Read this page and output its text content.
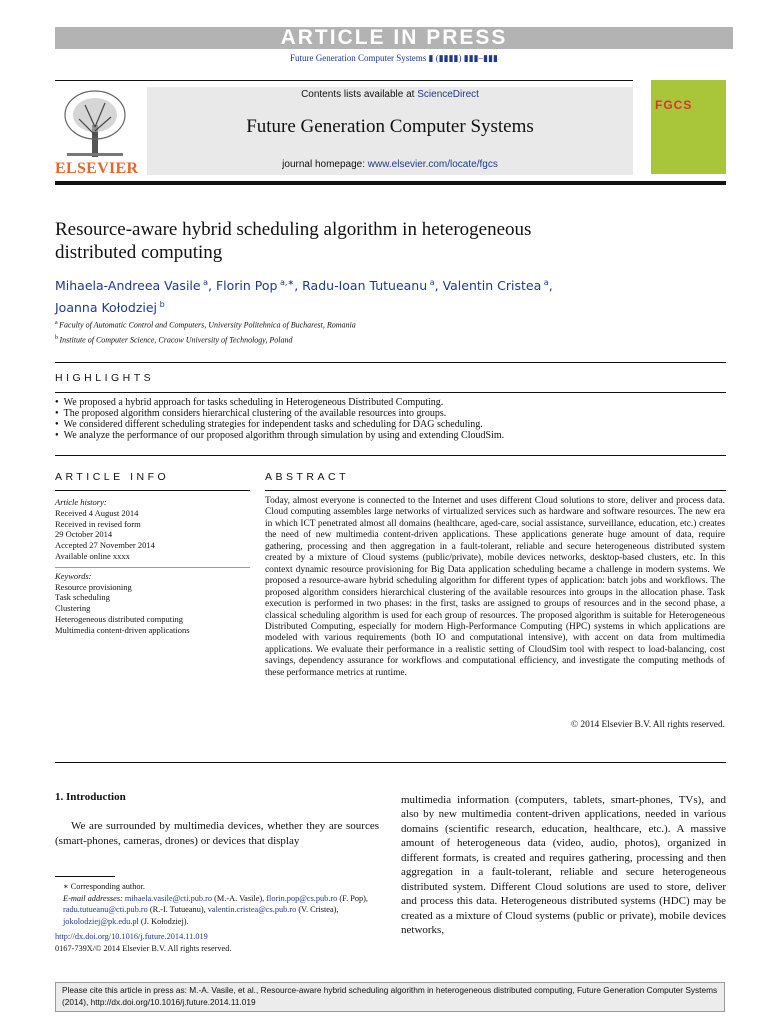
ARTICLE IN PRESS
Future Generation Computer Systems ▮ (▮▮▮▮) ▮▮▮–▮▮▮
ELSEVIER
Contents lists available at ScienceDirect
Future Generation Computer Systems
journal homepage: www.elsevier.com/locate/fgcs
FGCS
Resource-aware hybrid scheduling algorithm in heterogeneous distributed computing
Mihaela-Andreea Vasile $^a$, Florin Pop $^{a,∗}$, Radu-Ioan Tutueanu $^a$, Valentin Cristea $^a$,
Joanna Kołodziej $^b$
$^a$ Faculty of Automatic Control and Computers, University Politehnica of Bucharest, Romania
$^b$ Institute of Computer Science, Cracow University of Technology, Poland
HIGHLIGHTS
● We proposed a hybrid approach for tasks scheduling in Heterogeneous Distributed Computing.
● The proposed algorithm considers hierarchical clustering of the available resources into groups.
● We considered different scheduling strategies for independent tasks and scheduling for DAG scheduling.
● We analyze the performance of our proposed algorithm through simulation by using and extending CloudSim.
ARTICLE INFO
Article history:
Received 4 August 2014
Received in revised form
29 October 2014
Accepted 27 November 2014
Available online xxxx
Keywords:
Resource provisioning
Task scheduling
Clustering
Heterogeneous distributed computing
Multimedia content-driven applications
ABSTRACT
Today, almost everyone is connected to the Internet and uses different Cloud solutions to store, deliver and process data. Cloud computing assembles large networks of virtualized services such as hardware and software resources. The new era in which ICT penetrated almost all domains (healthcare, aged-care, social assistance, surveillance, education, etc.) creates the need of new multimedia content-driven applications. These applications generate huge amount of data, require gathering, processing and then aggregation in a fault-tolerant, reliable and secure heterogeneous distributed system created by a mixture of Cloud systems (public/private), mobile devices networks, desktop-based clusters, etc. In this context dynamic resource provisioning for Big Data application scheduling became a challenge in modern systems. We proposed a resource-aware hybrid scheduling algorithm for different types of application: batch jobs and workflows. The proposed algorithm considers hierarchical clustering of the available resources into groups in the allocation phase. Task execution is performed in two phases: in the first, tasks are assigned to groups of resources and in the second phase, a classical scheduling algorithm is used for each group of resources. The proposed algorithm is suitable for Heterogeneous Distributed Computing, especially for modern High-Performance Computing (HPC) systems in which applications are modeled with various requirements (both IO and computational intensive), with accent on data from multimedia applications. We evaluate their performance in a realistic setting of CloudSim tool with respect to load-balancing, cost savings, dependency assurance for workflows and computational efficiency, and investigate the computing methods of these performance metrics at runtime.
© 2014 Elsevier B.V. All rights reserved.
1. Introduction
We are surrounded by multimedia devices, whether they are sources (smart-phones, cameras, drones) or devices that display
∗ Corresponding author.
E-mail addresses: mihaela.vasile@cti.pub.ro (M.-A. Vasile), florin.pop@cs.pub.ro (F. Pop), radu.tutueanu@cti.pub.ro (R.-I. Tutueanu), valentin.cristea@cs.pub.ro (V. Cristea), jokolodziej@pk.edu.pl (J. Kołodziej).
http://dx.doi.org/10.1016/j.future.2014.11.019
0167-739X/© 2014 Elsevier B.V. All rights reserved.
multimedia information (computers, tablets, smart-phones, TVs), and also by new multimedia content-driven applications, needed in various domains (scientific research, education, healthcare, etc.). A massive amount of heterogeneous data (video, audio, photos), organized in different formats, is created and requires gathering, processing and then aggregation in a fault-tolerant, reliable and secure heterogeneous distributed system. Different Cloud solutions are used to store, deliver and process this data. Heterogeneous distributed systems (HDC) may be created as a mixture of Cloud systems (public or private), mobile devices networks,
Please cite this article in press as: M.-A. Vasile, et al., Resource-aware hybrid scheduling algorithm in heterogeneous distributed computing, Future Generation Computer Systems (2014), http://dx.doi.org/10.1016/j.future.2014.11.019
